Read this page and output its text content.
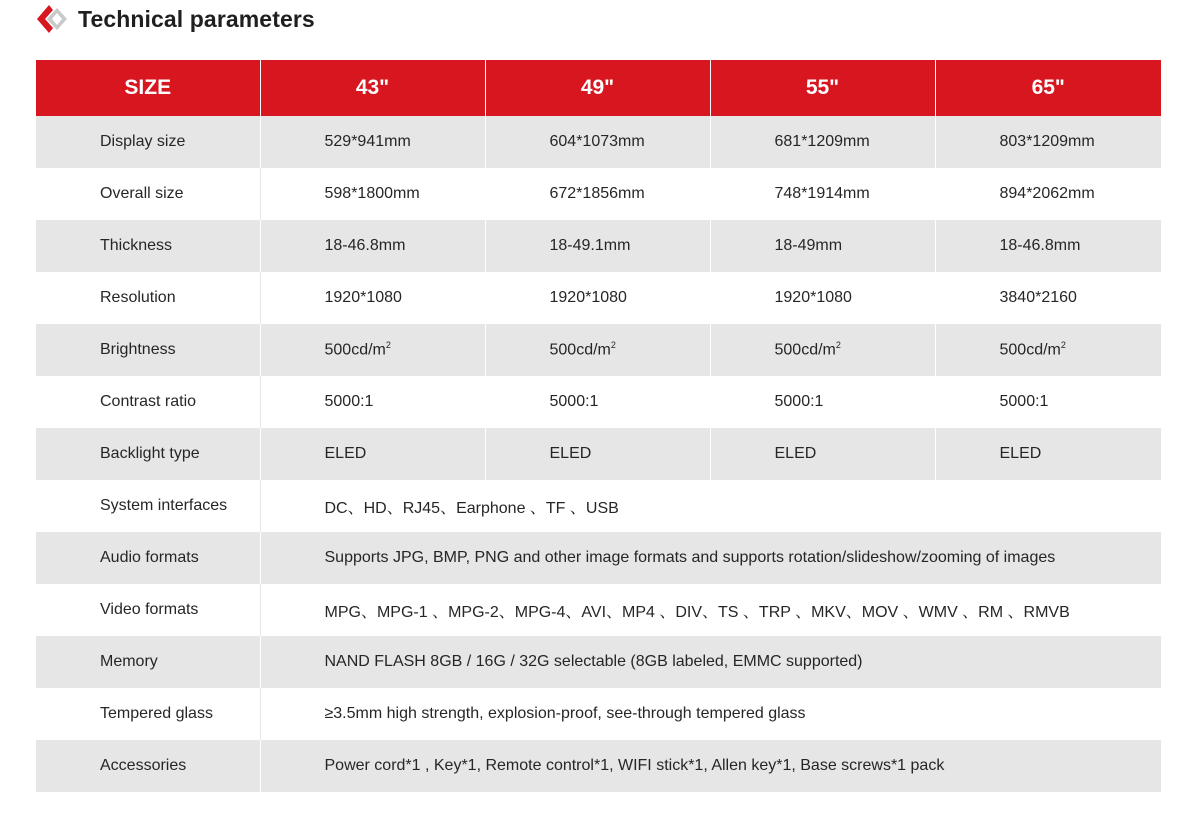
Technical parameters
SIZE	43"	49"	55"	65"
Display size	529*941mm	604*1073mm	681*1209mm	803*1209mm
Overall size	598*1800mm	672*1856mm	748*1914mm	894*2062mm
Thickness	18-46.8mm	18-49.1mm	18-49mm	18-46.8mm
Resolution	1920*1080	1920*1080	1920*1080	3840*2160
Brightness	$500cd/m^2$	$500cd/m^2$	$500cd/m^2$	$500cd/m^2$
Contrast ratio	5000:1	5000:1	5000:1	5000:1
Backlight type	ELED	ELED	ELED	ELED
System interfaces	DC、HD、RJ45、Earphone 、TF 、USB			
Audio formats	Supports JPG, BMP, PNG and other image formats and supports rotation/slideshow/zooming of images			
Video formats	MPG、MPG-1 、MPG-2、MPG-4、AVI、MP4 、DIV、TS 、TRP 、MKV、MOV 、WMV 、RM 、RMVB			
Memory	NAND FLASH 8GB / 16G / 32G selectable (8GB labeled, EMMC supported)			
Tempered glass	≥3.5mm high strength, explosion-proof, see-through tempered glass			
Accessories	Power cord*1 , Key*1, Remote control*1, WIFI stick*1, Allen key*1, Base screws*1 pack			
